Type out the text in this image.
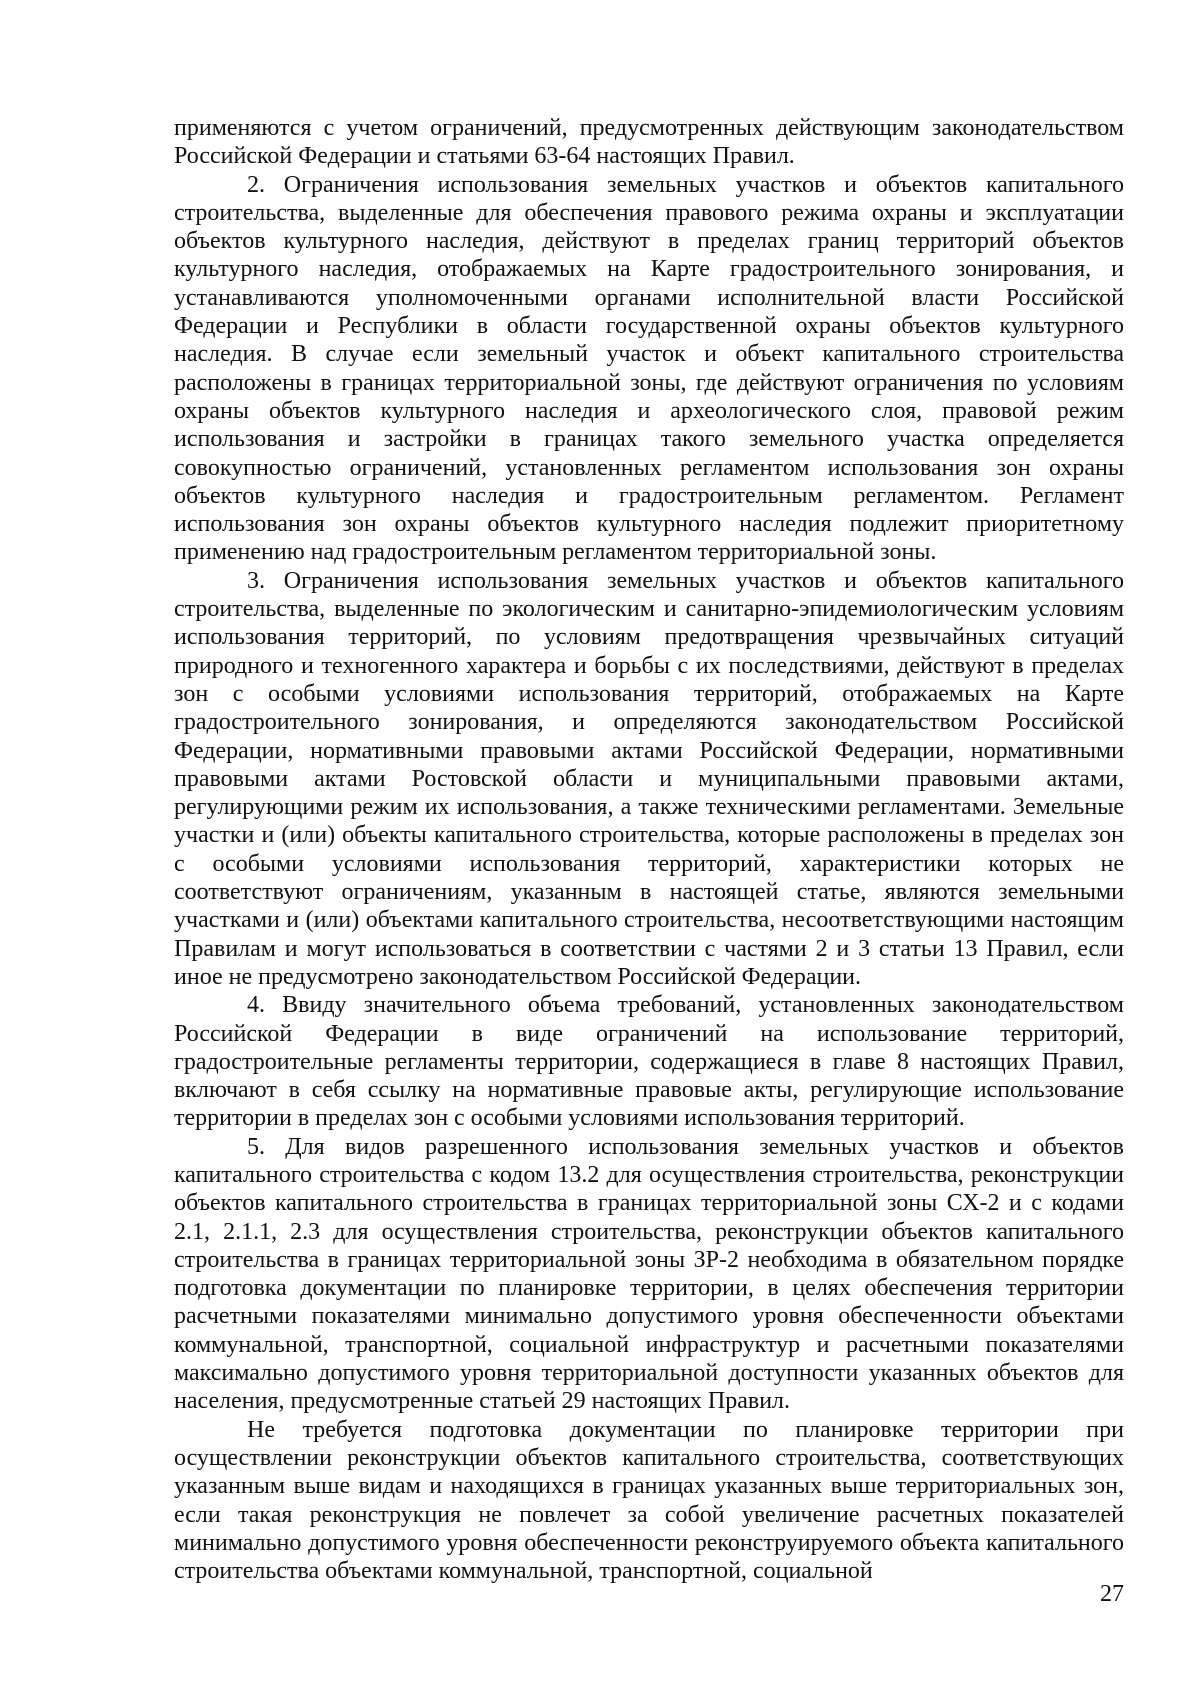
применяются с учетом ограничений, предусмотренных действующим законодательством Российской Федерации и статьями 63-64 настоящих Правил.

2. Ограничения использования земельных участков и объектов капитального строительства, выделенные для обеспечения правового режима охраны и эксплуатации объектов культурного наследия, действуют в пределах границ территорий объектов культурного наследия, отображаемых на Карте градостроительного зонирования, и устанавливаются уполномоченными органами исполнительной власти Российской Федерации и Республики в области государственной охраны объектов культурного наследия. В случае если земельный участок и объект капитального строительства расположены в границах территориальной зоны, где действуют ограничения по условиям охраны объектов культурного наследия и археологического слоя, правовой режим использования и застройки в границах такого земельного участка определяется совокупностью ограничений, установленных регламентом использования зон охраны объектов культурного наследия и градостроительным регламентом. Регламент использования зон охраны объектов культурного наследия подлежит приоритетному применению над градостроительным регламентом территориальной зоны.

3. Ограничения использования земельных участков и объектов капитального строительства, выделенные по экологическим и санитарно-эпидемиологическим условиям использования территорий, по условиям предотвращения чрезвычайных ситуаций природного и техногенного характера и борьбы с их последствиями, действуют в пределах зон с особыми условиями использования территорий, отображаемых на Карте градостроительного зонирования, и определяются законодательством Российской Федерации, нормативными правовыми актами Российской Федерации, нормативными правовыми актами Ростовской области и муниципальными правовыми актами, регулирующими режим их использования, а также техническими регламентами. Земельные участки и (или) объекты капитального строительства, которые расположены в пределах зон с особыми условиями использования территорий, характеристики которых не соответствуют ограничениям, указанным в настоящей статье, являются земельными участками и (или) объектами капитального строительства, несоответствующими настоящим Правилам и могут использоваться в соответствии с частями 2 и 3 статьи 13 Правил, если иное не предусмотрено законодательством Российской Федерации.

4. Ввиду значительного объема требований, установленных законодательством Российской Федерации в виде ограничений на использование территорий, градостроительные регламенты территории, содержащиеся в главе 8 настоящих Правил, включают в себя ссылку на нормативные правовые акты, регулирующие использование территории в пределах зон с особыми условиями использования территорий.

5. Для видов разрешенного использования земельных участков и объектов капитального строительства с кодом 13.2 для осуществления строительства, реконструкции объектов капитального строительства в границах территориальной зоны СХ-2 и с кодами 2.1, 2.1.1, 2.3 для осуществления строительства, реконструкции объектов капитального строительства в границах территориальной зоны ЗР-2 необходима в обязательном порядке подготовка документации по планировке территории, в целях обеспечения территории расчетными показателями минимально допустимого уровня обеспеченности объектами коммунальной, транспортной, социальной инфраструктур и расчетными показателями максимально допустимого уровня территориальной доступности указанных объектов для населения, предусмотренные статьей 29 настоящих Правил.

Не требуется подготовка документации по планировке территории при осуществлении реконструкции объектов капитального строительства, соответствующих указанным выше видам и находящихся в границах указанных выше территориальных зон, если такая реконструкция не повлечет за собой увеличение расчетных показателей минимально допустимого уровня обеспеченности реконструируемого объекта капитального строительства объектами коммунальной, транспортной, социальной

27
